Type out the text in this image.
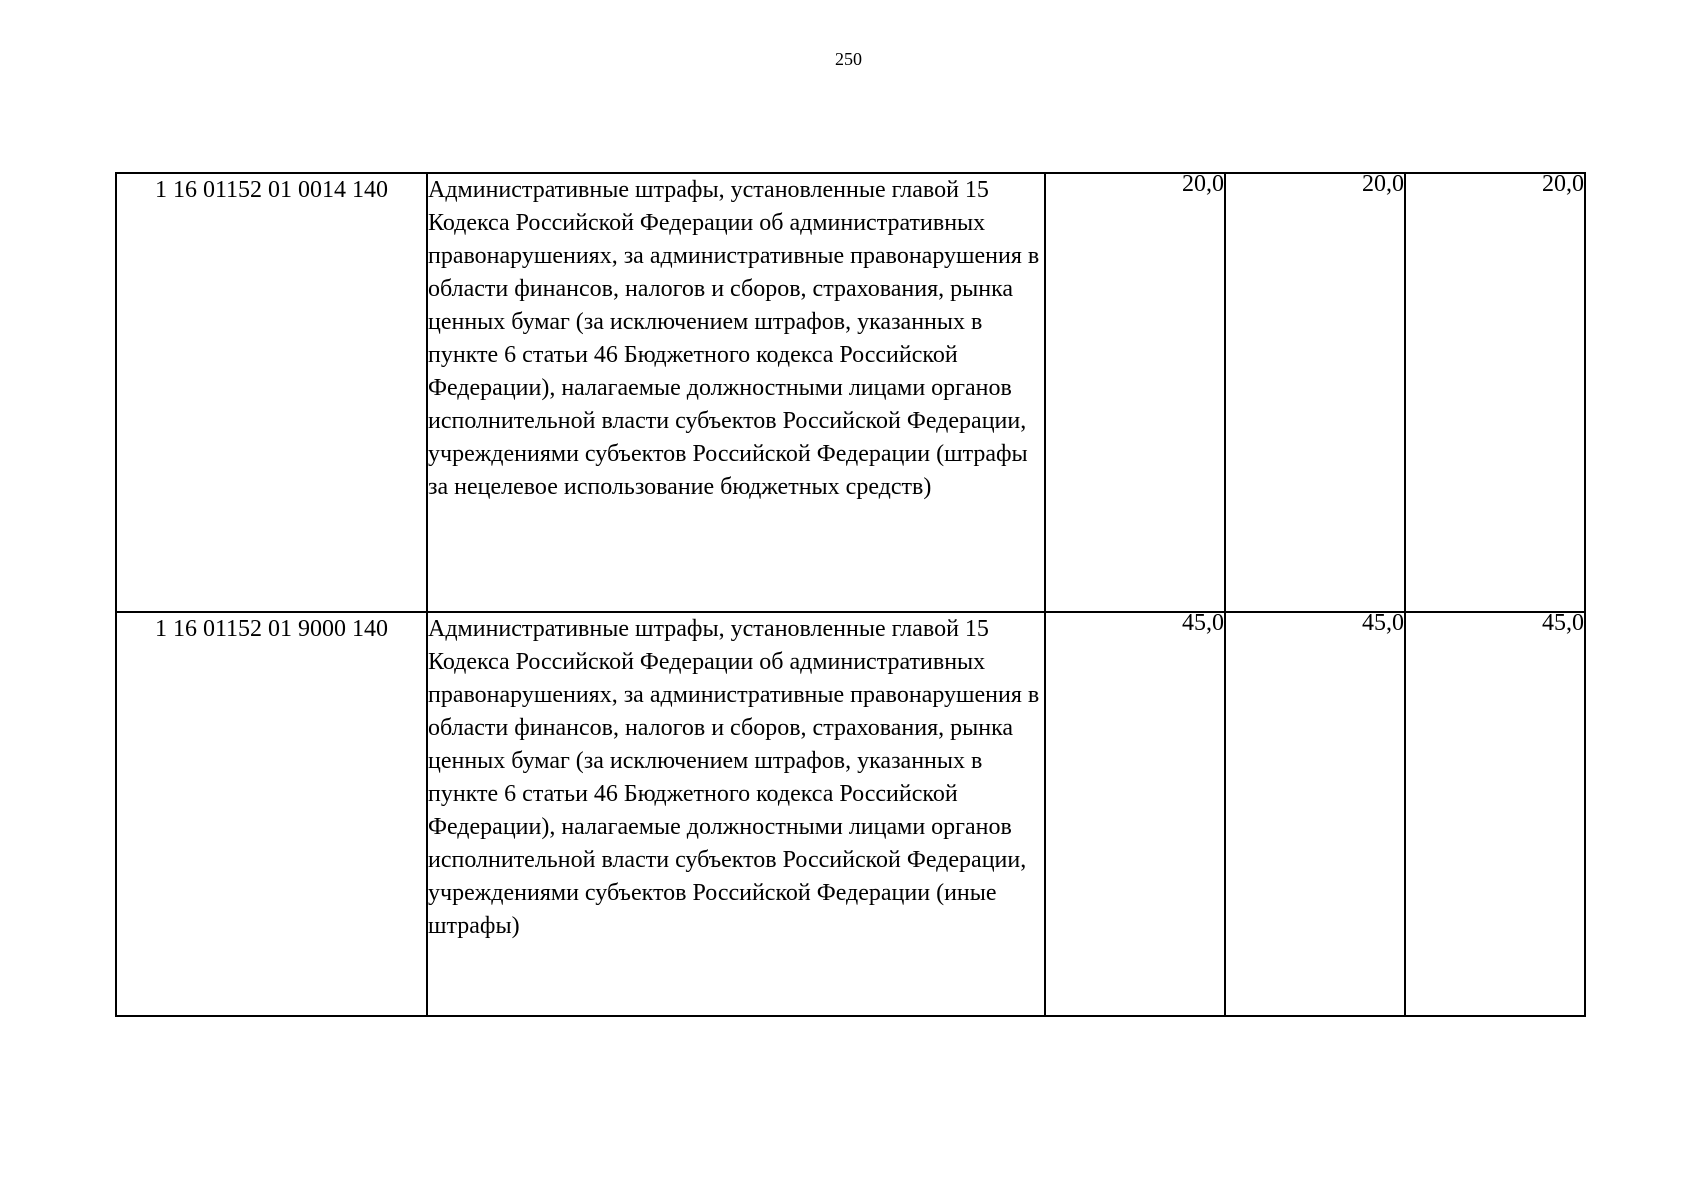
250
1 16 01152 01 0014 140	Административные штрафы, установленные главой 15 Кодекса Российской Федерации об административных правонарушениях, за административные правонарушения в области финансов, налогов и сборов, страхования, рынка ценных бумаг (за исключением штрафов, указанных в пункте 6 статьи 46 Бюджетного кодекса Российской Федерации), налагаемые должностными лицами органов исполнительной власти субъектов Российской Федерации, учреждениями субъектов Российской Федерации (штрафы за нецелевое использование бюджетных средств)	20,0	20,0	20,0
1 16 01152 01 9000 140	Административные штрафы, установленные главой 15 Кодекса Российской Федерации об административных правонарушениях, за административные правонарушения в области финансов, налогов и сборов, страхования, рынка ценных бумаг (за исключением штрафов, указанных в пункте 6 статьи 46 Бюджетного кодекса Российской Федерации), налагаемые должностными лицами органов исполнительной власти субъектов Российской Федерации, учреждениями субъектов Российской Федерации (иные штрафы)	45,0	45,0	45,0
